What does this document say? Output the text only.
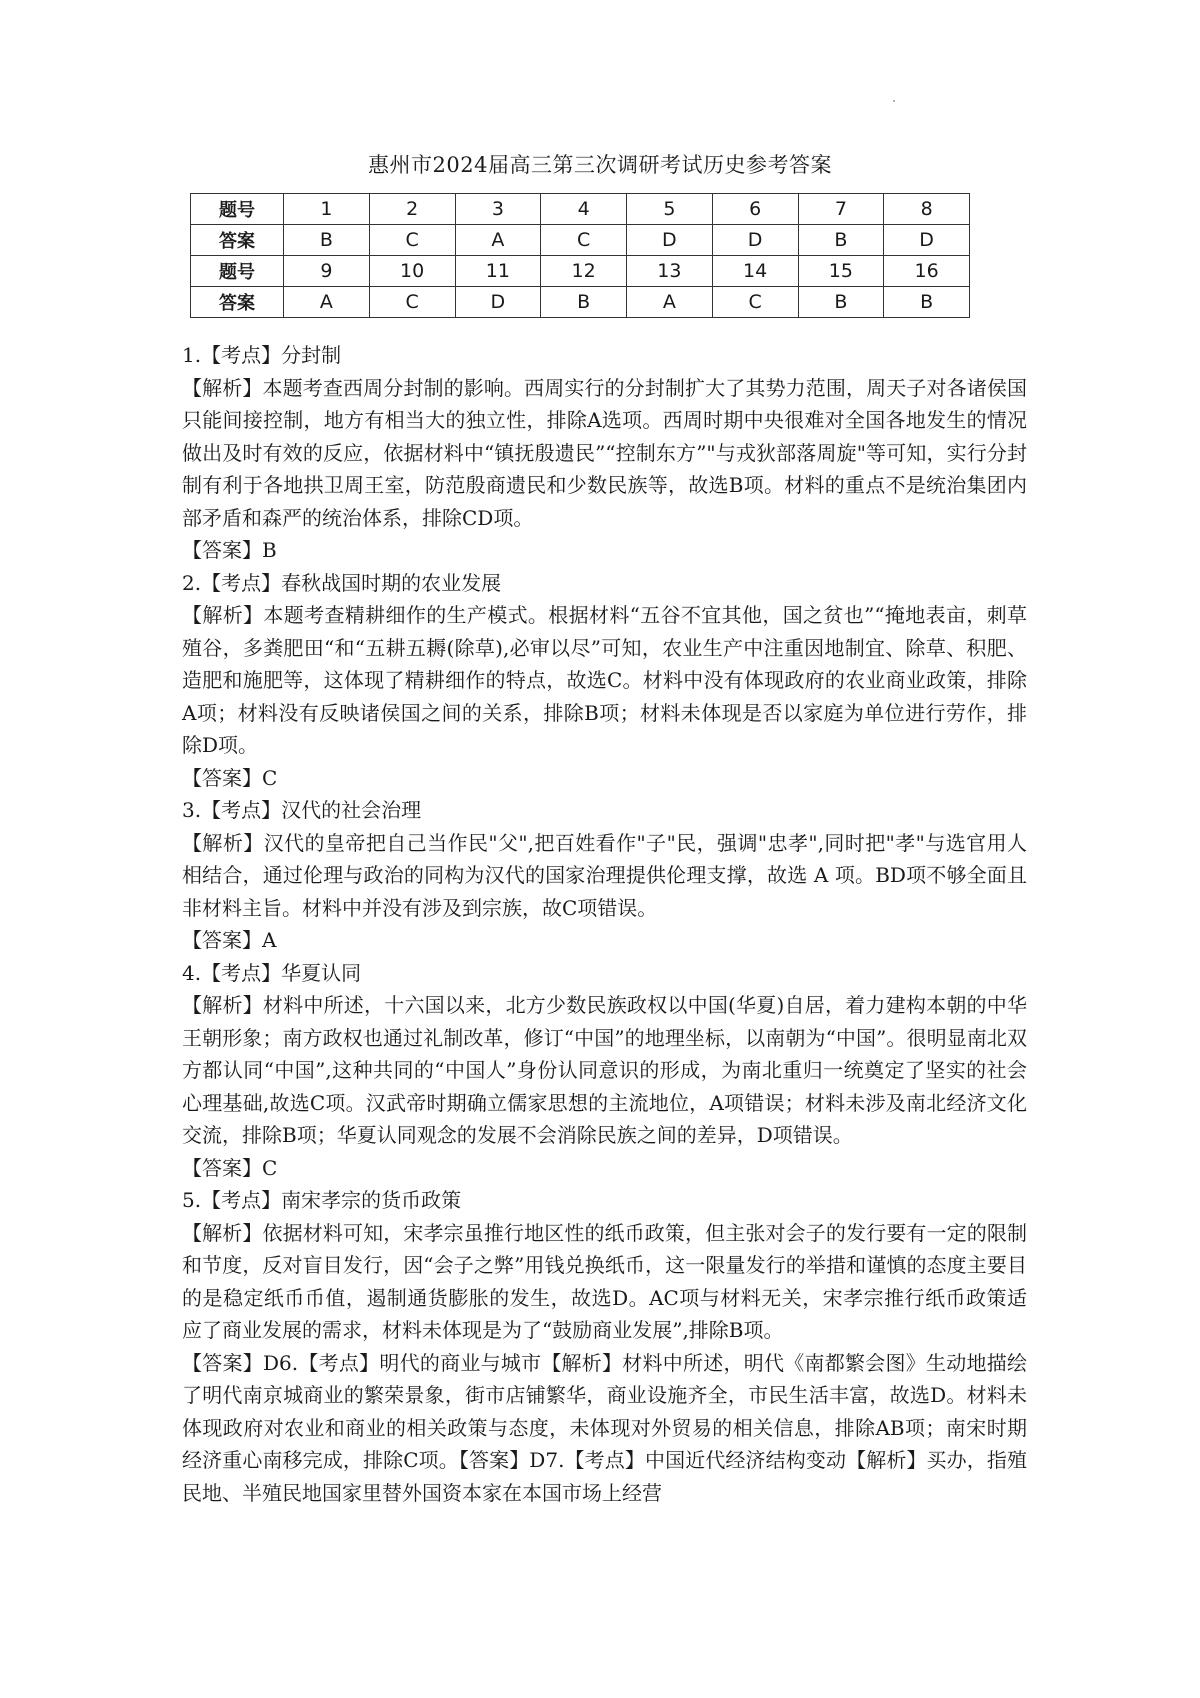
惠州市2024届高三第三次调研考试历史参考答案
题号	1	2	3	4	5	6	7	8
答案	B	C	A	C	D	D	B	D
题号	9	10	11	12	13	14	15	16
答案	A	C	D	B	A	C	B	B

1.【考点】分封制

【解析】本题考查西周分封制的影响。西周实行的分封制扩大了其势力范围，周天子对各诸侯国只能间接控制，地方有相当大的独立性，排除A选项。西周时期中央很难对全国各地发生的情况做出及时有效的反应，依据材料中“镇抚殷遗民”“控制东方”"与戎狄部落周旋"等可知，实行分封制有利于各地拱卫周王室，防范殷商遗民和少数民族等，故选B项。材料的重点不是统治集团内部矛盾和森严的统治体系，排除CD项。

【答案】B

2.【考点】春秋战国时期的农业发展

【解析】本题考查精耕细作的生产模式。根据材料“五谷不宜其他，国之贫也”“掩地表亩，刺草殖谷，多粪肥田“和“五耕五耨(除草),必审以尽”可知，农业生产中注重因地制宜、除草、积肥、造肥和施肥等，这体现了精耕细作的特点，故选C。材料中没有体现政府的农业商业政策，排除A项；材料没有反映诸侯国之间的关系，排除B项；材料未体现是否以家庭为单位进行劳作，排除D项。

【答案】C

3.【考点】汉代的社会治理

【解析】汉代的皇帝把自己当作民"父",把百姓看作"子"民，强调"忠孝",同时把"孝"与选官用人相结合，通过伦理与政治的同构为汉代的国家治理提供伦理支撑，故选 A 项。BD项不够全面且非材料主旨。材料中并没有涉及到宗族，故C项错误。

【答案】A

4.【考点】华夏认同

【解析】材料中所述，十六国以来，北方少数民族政权以中国(华夏)自居，着力建构本朝的中华王朝形象；南方政权也通过礼制改革，修订“中国”的地理坐标，以南朝为“中国”。很明显南北双方都认同“中国”,这种共同的“中国人”身份认同意识的形成，为南北重归一统奠定了坚实的社会心理基础,故选C项。汉武帝时期确立儒家思想的主流地位，A项错误；材料未涉及南北经济文化交流，排除B项；华夏认同观念的发展不会消除民族之间的差异，D项错误。

【答案】C

5.【考点】南宋孝宗的货币政策

【解析】依据材料可知，宋孝宗虽推行地区性的纸币政策，但主张对会子的发行要有一定的限制和节度，反对盲目发行，因“会子之弊”用钱兑换纸币，这一限量发行的举措和谨慎的态度主要目的是稳定纸币币值，遏制通货膨胀的发生，故选D。AC项与材料无关，宋孝宗推行纸币政策适应了商业发展的需求，材料未体现是为了“鼓励商业发展”,排除B项。

【答案】D6.【考点】明代的商业与城市【解析】材料中所述，明代《南都繁会图》生动地描绘了明代南京城商业的繁荣景象，街市店铺繁华，商业设施齐全，市民生活丰富，故选D。材料未体现政府对农业和商业的相关政策与态度，未体现对外贸易的相关信息，排除AB项；南宋时期经济重心南移完成，排除C项。【答案】D7.【考点】中国近代经济结构变动【解析】买办，指殖民地、半殖民地国家里替外国资本家在本国市场上经营
